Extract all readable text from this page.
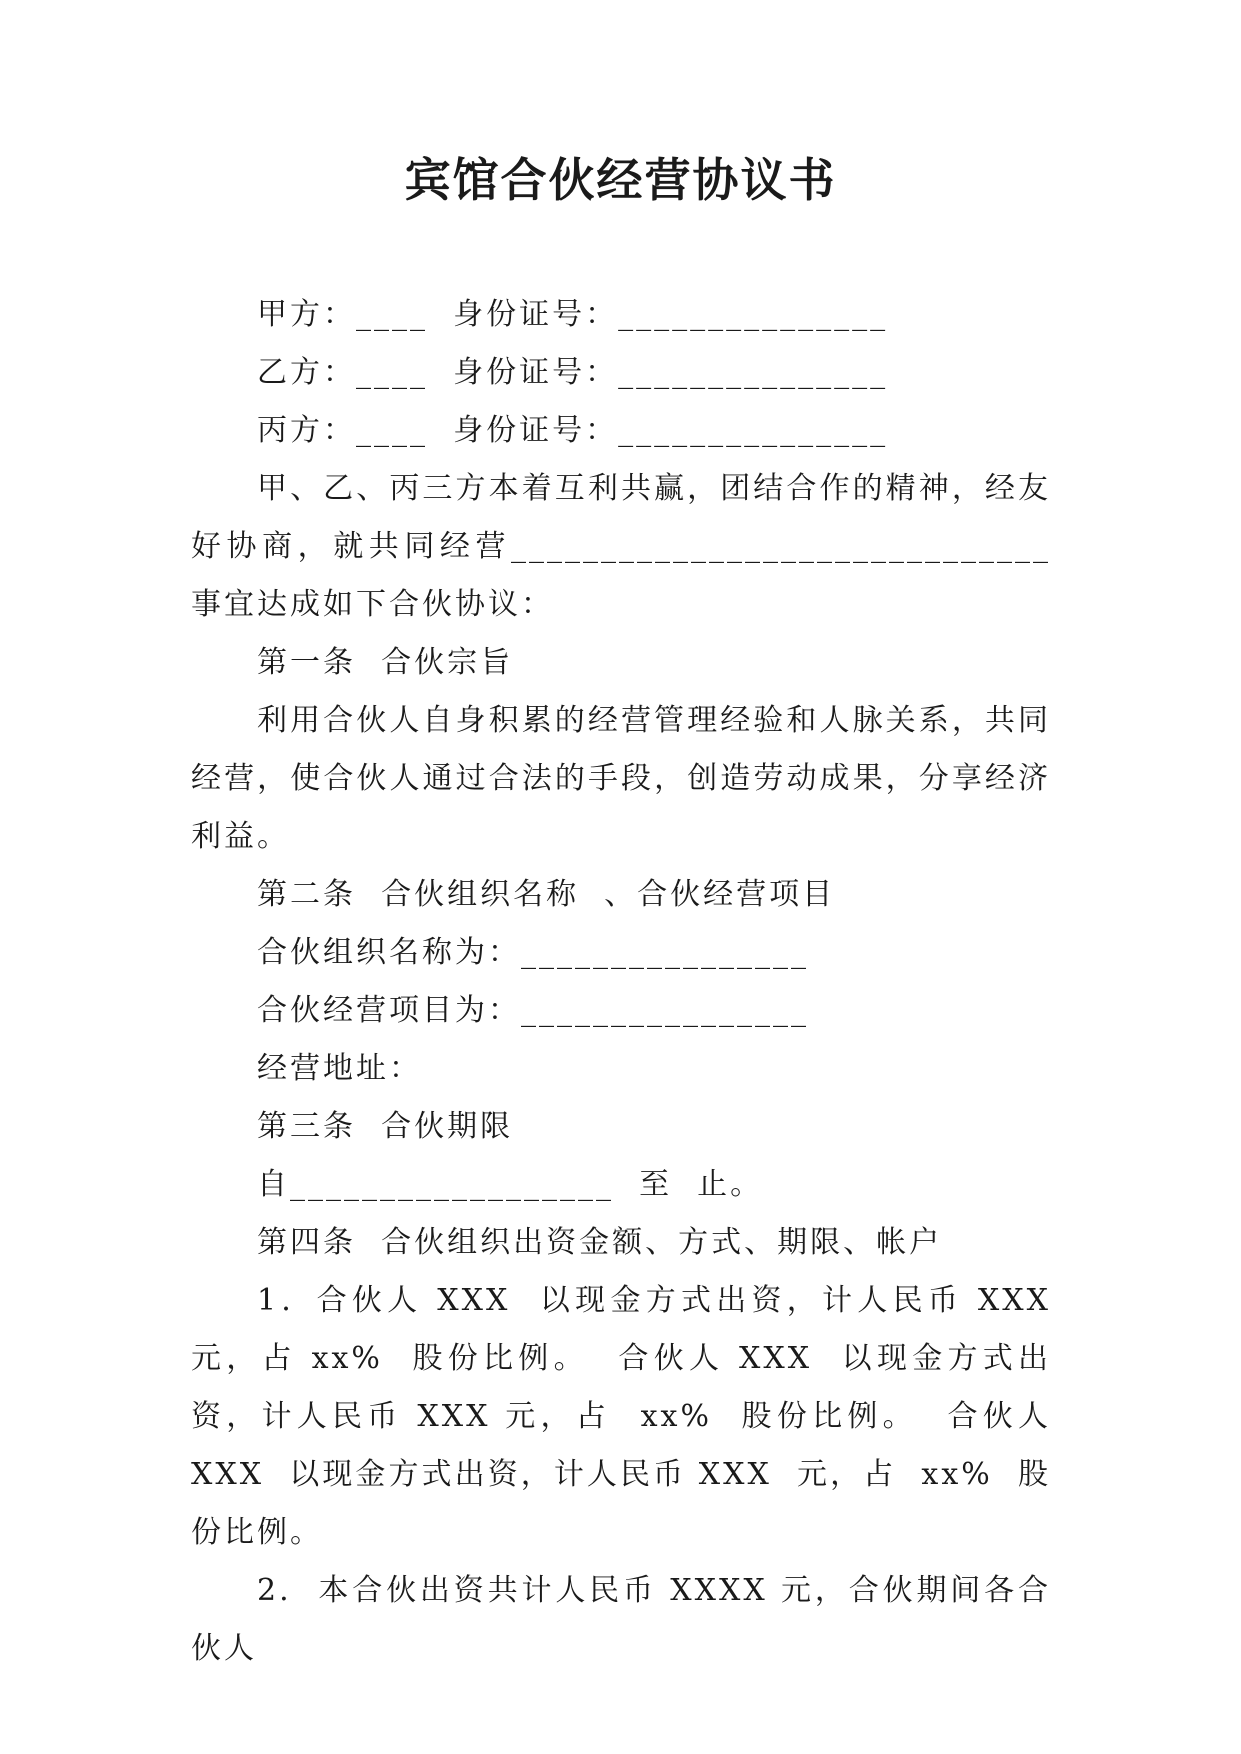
宾馆合伙经营协议书

甲方：____  身份证号：_______________

乙方：____  身份证号：_______________

丙方：____  身份证号：_______________

甲、乙、丙三方本着互利共赢，团结合作的精神，经友好协商，就共同经营______________________________事宜达成如下合伙协议：

第一条  合伙宗旨

利用合伙人自身积累的经营管理经验和人脉关系，共同经营，使合伙人通过合法的手段，创造劳动成果，分享经济利益。

第二条  合伙组织名称  、合伙经营项目

合伙组织名称为：________________

合伙经营项目为：________________

经营地址：

第三条  合伙期限

自__________________  至  止。

第四条  合伙组织出资金额、方式、期限、帐户

1．合伙人 XXX  以现金方式出资，计人民币 XXX  元，占 xx%  股份比例。  合伙人 XXX  以现金方式出资，计人民币 XXX 元，占  xx%  股份比例。  合伙人 XXX  以现金方式出资，计人民币 XXX  元，占  xx%  股份比例。

2.  本合伙出资共计人民币 XXXX 元，合伙期间各合伙人
